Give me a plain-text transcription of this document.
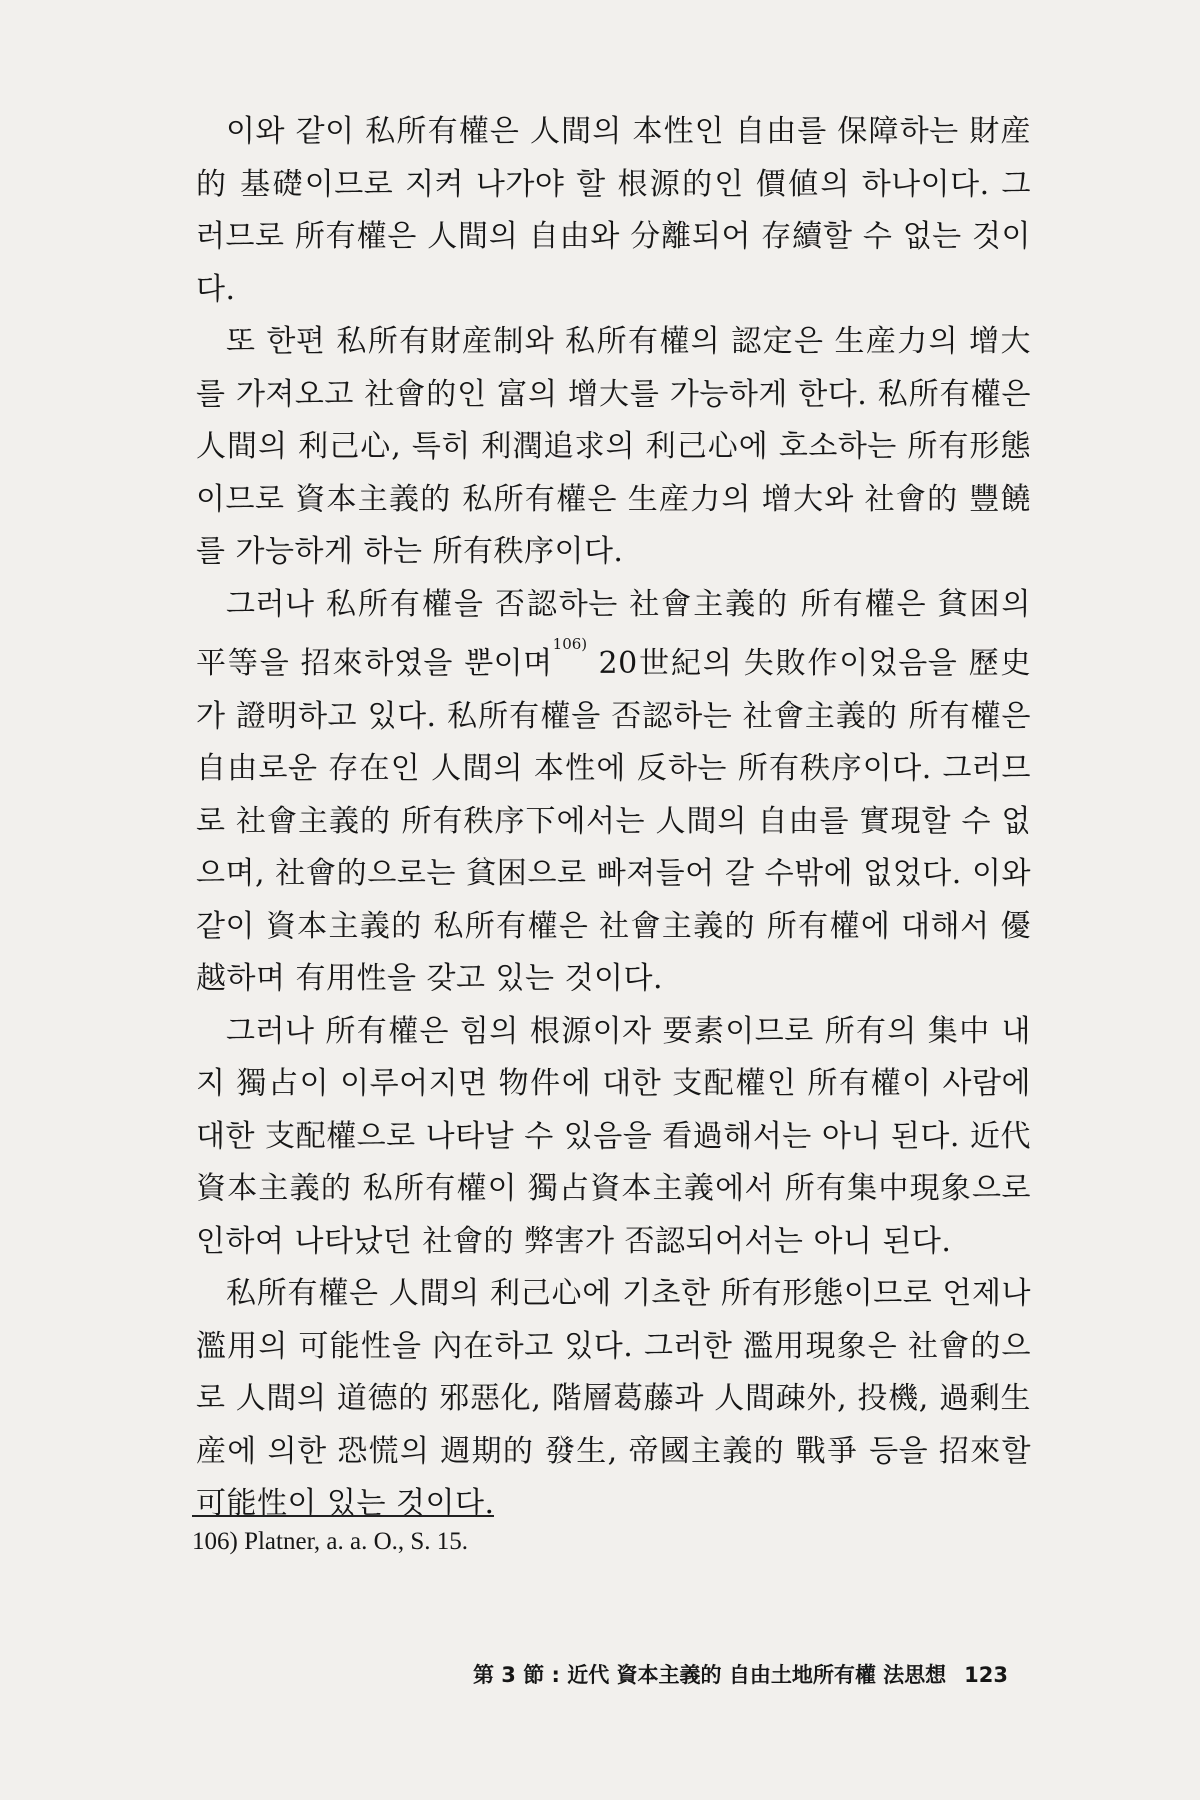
이와 같이 私所有權은 人間의 本性인 自由를 保障하는 財産的 基礎이므로 지켜 나가야 할 根源的인 價値의 하나이다. 그러므로 所有權은 人間의 自由와 分離되어 存續할 수 없는 것이다.

또 한편 私所有財産制와 私所有權의 認定은 生産力의 增大를 가져오고 社會的인 富의 增大를 가능하게 한다. 私所有權은 人間의 利己心, 특히 利潤追求의 利己心에 호소하는 所有形態이므로 資本主義的 私所有權은 生産力의 增大와 社會的 豐饒를 가능하게 하는 所有秩序이다.

그러나 私所有權을 否認하는 社會主義的 所有權은 貧困의 平等을 招來하였을 뿐이며$^{106)}$ 20世紀의 失敗作이었음을 歷史가 證明하고 있다. 私所有權을 否認하는 社會主義的 所有權은 自由로운 存在인 人間의 本性에 反하는 所有秩序이다. 그러므로 社會主義的 所有秩序下에서는 人間의 自由를 實現할 수 없으며, 社會的으로는 貧困으로 빠져들어 갈 수밖에 없었다. 이와 같이 資本主義的 私所有權은 社會主義的 所有權에 대해서 優越하며 有用性을 갖고 있는 것이다.

그러나 所有權은 힘의 根源이자 要素이므로 所有의 集中 내지 獨占이 이루어지면 物件에 대한 支配權인 所有權이 사람에 대한 支配權으로 나타날 수 있음을 看過해서는 아니 된다. 近代 資本主義的 私所有權이 獨占資本主義에서 所有集中現象으로 인하여 나타났던 社會的 弊害가 否認되어서는 아니 된다.

私所有權은 人間의 利己心에 기초한 所有形態이므로 언제나 濫用의 可能性을 內在하고 있다. 그러한 濫用現象은 社會的으로 人間의 道德的 邪惡化, 階層葛藤과 人間疎外, 投機, 過剩生産에 의한 恐慌의 週期的 發生, 帝國主義的 戰爭 등을 招來할 可能性이 있는 것이다.

106) Platner, a. a. O., S. 15.
第 3 節 : 近代 資本主義的 自由土地所有權 法思想 123
